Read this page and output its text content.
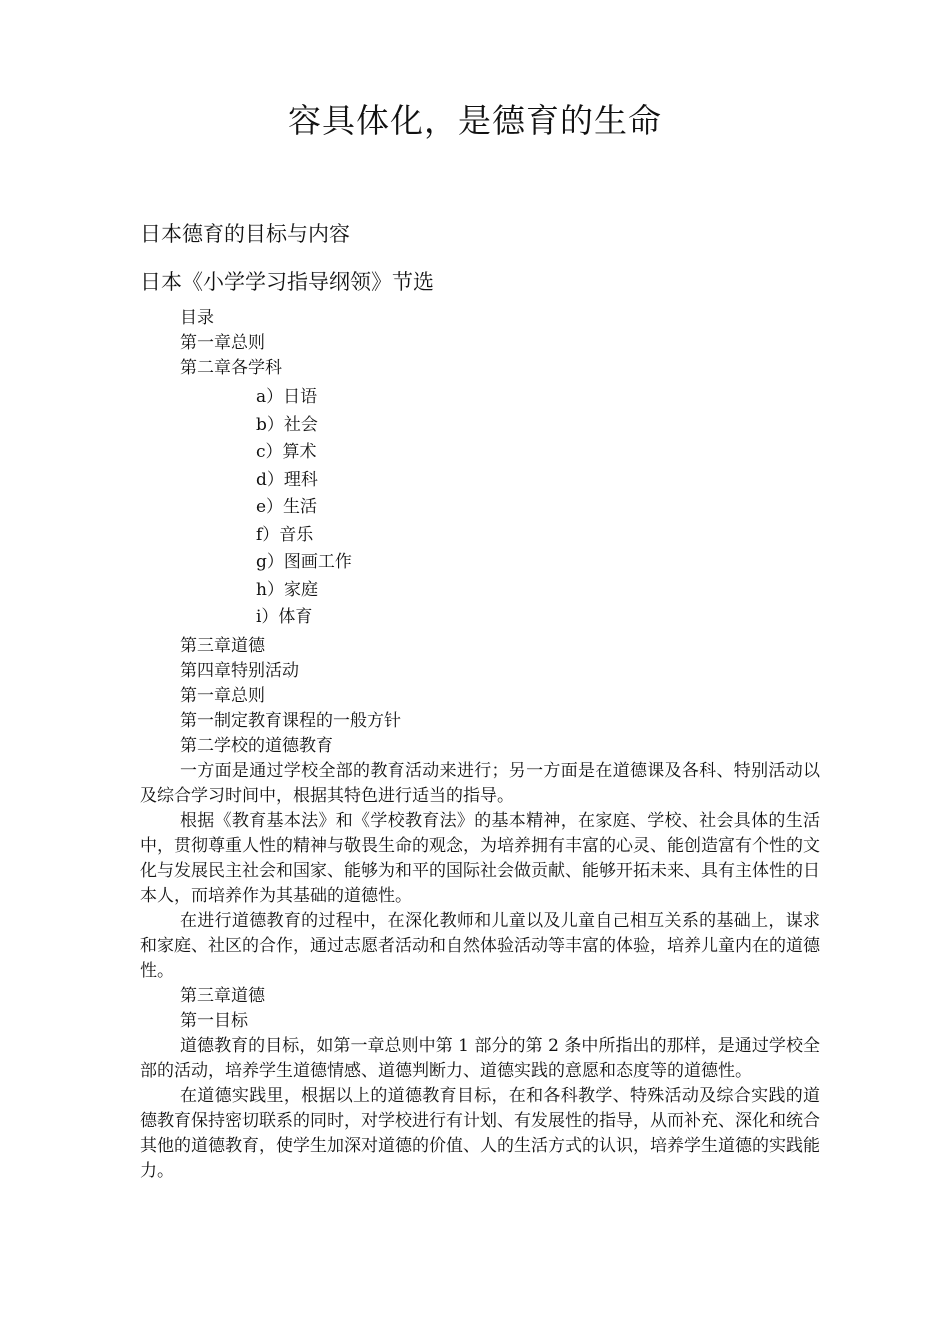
容具体化，是德育的生命
日本德育的目标与内容
日本《小学学习指导纲领》节选
目录
第一章总则
第二章各学科
a）日语
b）社会
c）算术
d）理科
e）生活
f）音乐
g）图画工作
h）家庭
i）体育
第三章道德
第四章特别活动
第一章总则
第一制定教育课程的一般方针
第二学校的道德教育

一方面是通过学校全部的教育活动来进行；另一方面是在道德课及各科、特别活动以及综合学习时间中，根据其特色进行适当的指导。

根据《教育基本法》和《学校教育法》的基本精神，在家庭、学校、社会具体的生活中，贯彻尊重人性的精神与敬畏生命的观念，为培养拥有丰富的心灵、能创造富有个性的文化与发展民主社会和国家、能够为和平的国际社会做贡献、能够开拓未来、具有主体性的日本人，而培养作为其基础的道德性。

在进行道德教育的过程中，在深化教师和儿童以及儿童自己相互关系的基础上，谋求和家庭、社区的合作，通过志愿者活动和自然体验活动等丰富的体验，培养儿童内在的道德性。

第三章道德

第一目标

道德教育的目标，如第一章总则中第 1 部分的第 2 条中所指出的那样，是通过学校全部的活动，培养学生道德情感、道德判断力、道德实践的意愿和态度等的道德性。

在道德实践里，根据以上的道德教育目标，在和各科教学、特殊活动及综合实践的道德教育保持密切联系的同时，对学校进行有计划、有发展性的指导，从而补充、深化和统合其他的道德教育，使学生加深对道德的价值、人的生活方式的认识，培养学生道德的实践能力。
